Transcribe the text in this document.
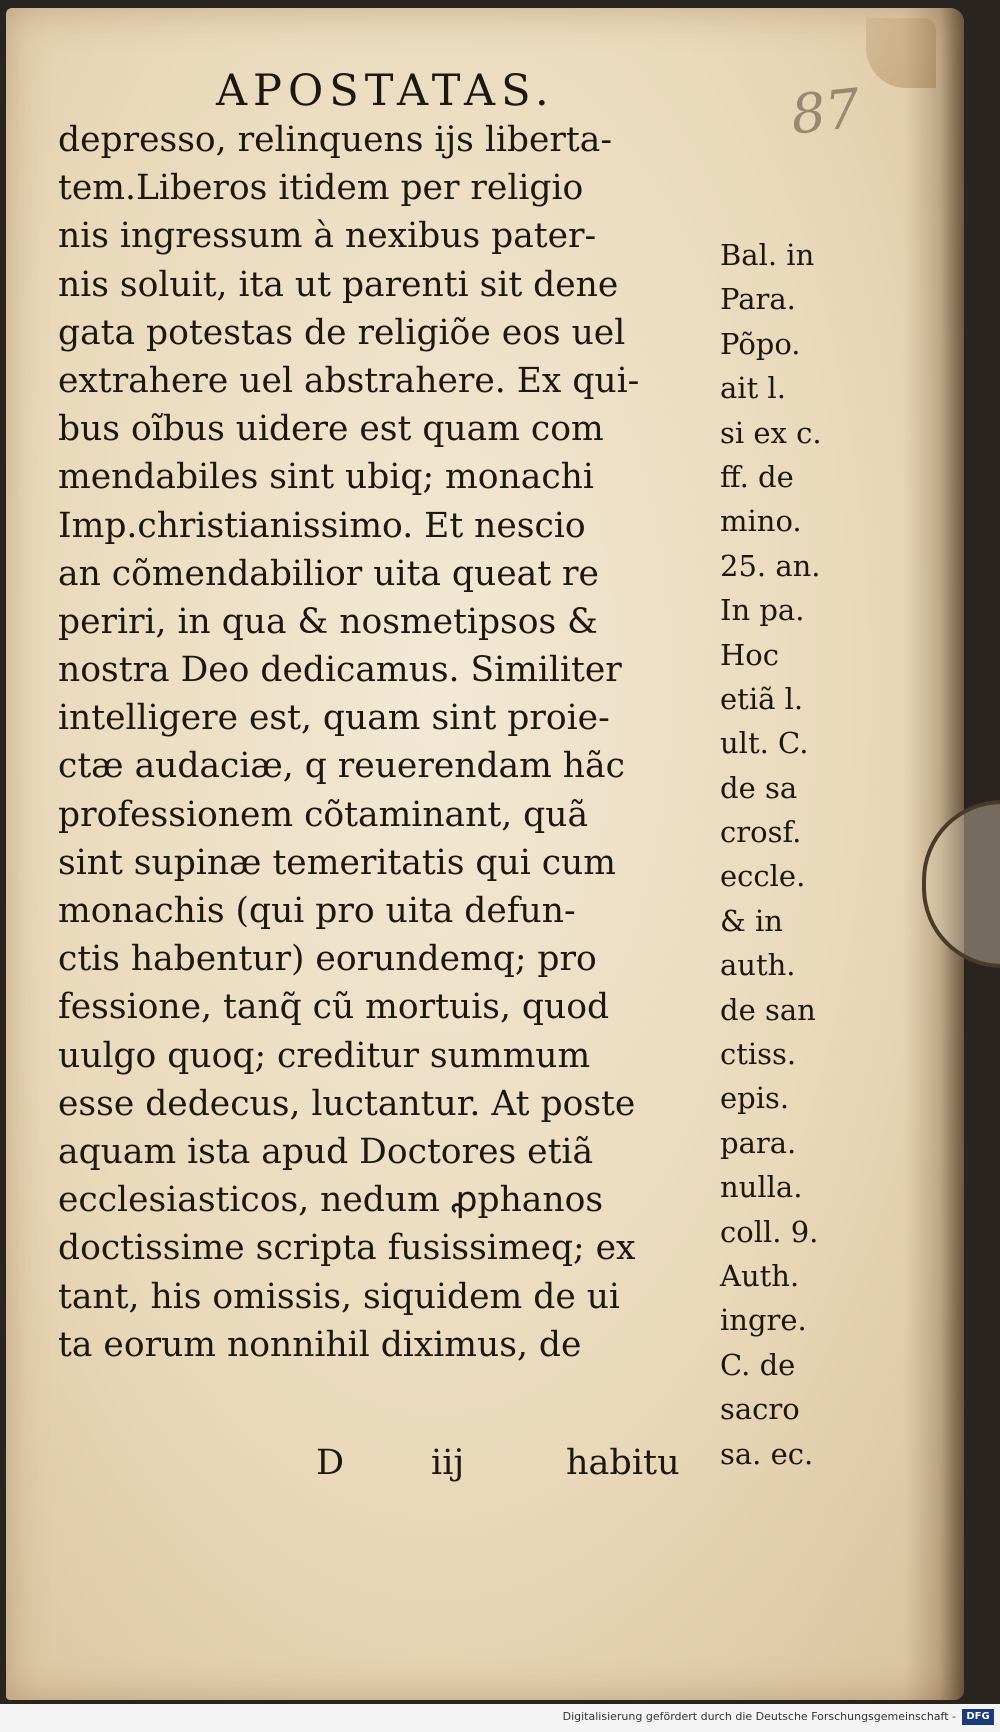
APOSTATAS.	87
depresso, relinquens ijs liberta-
tem.Liberos itidem per religio
nis ingressum à nexibus pater-
nis soluit, ita ut parenti sit dene
gata potestas de religiõe eos uel
extrahere uel abstrahere. Ex qui-
bus oĩbus uidere est quam com
mendabiles sint ubiq; monachi
Imp.christianissimo. Et nescio
an cõmendabilior uita queat re
periri, in qua & nosmetipsos &
nostra Deo dedicamus. Similiter
intelligere est, quam sint proie-
ctæ audaciæ, q reuerendam hãc
professionem cõtaminant, quã
sint supinæ temeritatis qui cum
monachis (qui pro uita defun-
ctis habentur) eorundemq; pro
fessione, tanq̃ cũ mortuis, quod
uulgo quoq; creditur summum
esse dedecus, luctantur. At poste
aquam ista apud Doctores etiã
ecclesiasticos, nedum ꝓphanos
doctissime scripta fusissimeq; ex
tant, his omissis, siquidem de ui
ta eorum nonnihil diximus, de
Bal. in
Para.
Põpo.
ait l.
si ex c.
ff. de
mino.
25. an.
In pa.
Hoc
etiã l.
ult. C.
de sa
crosf.
eccle.
& in
auth.
de san
ctiss.
epis.
para.
nulla.
coll. 9.
Auth.
ingre.
C. de
sacro
sa. ec.
D iij	habitu
Digitalisierung gefördert durch die Deutsche Forschungsgemeinschaft -	DFG
